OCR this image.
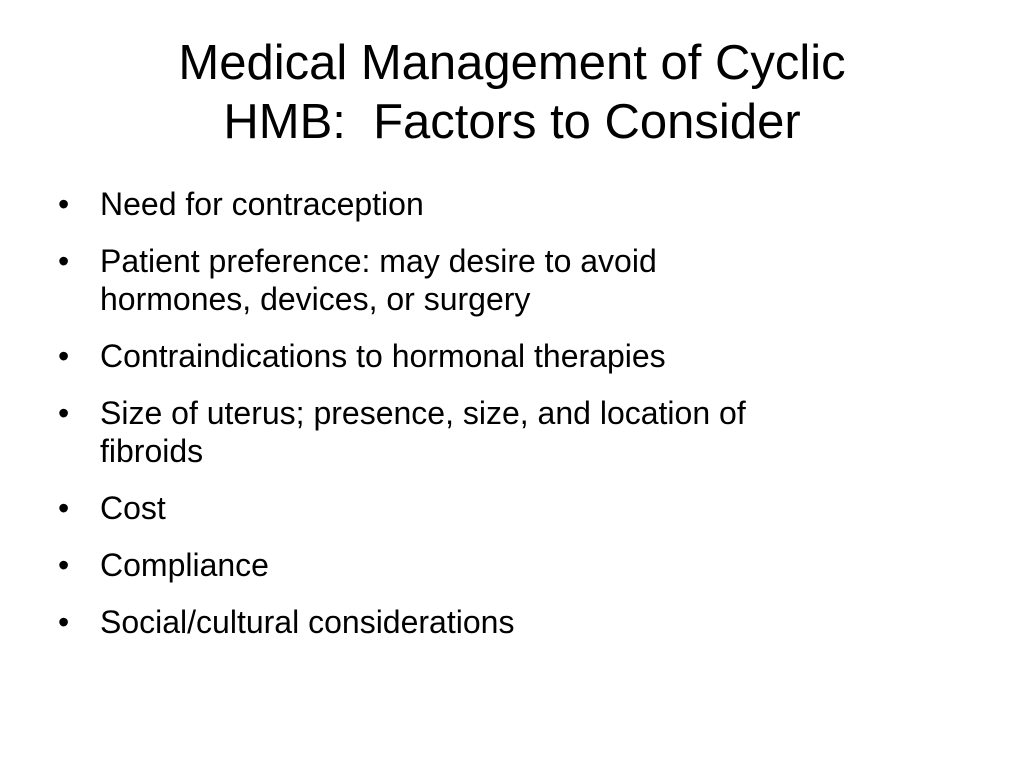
Medical Management of Cyclic
HMB:  Factors to Consider
• Need for contraception
• Patient preference: may desire to avoid
hormones, devices, or surgery
• Contraindications to hormonal therapies
• Size of uterus; presence, size, and location of
fibroids
• Cost
• Compliance
• Social/cultural considerations
